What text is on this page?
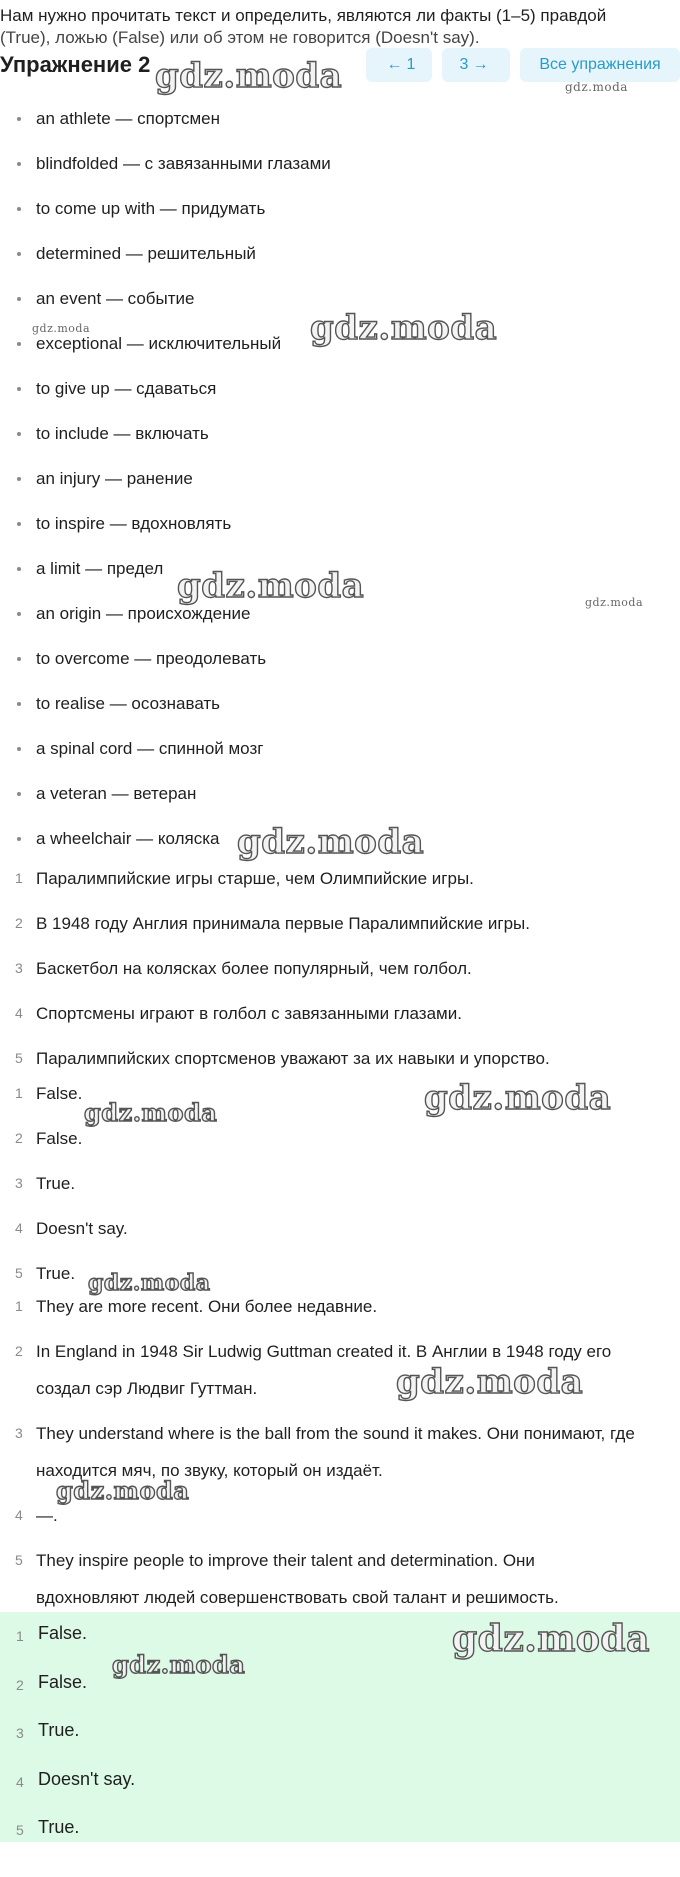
Нам нужно прочитать текст и определить, являются ли факты (1–5) правдой

(True), ложью (False) или об этом не говорится (Doesn't say).
Упражнение 2	← 1	3 →	Все упражнения
gdz.moda	gdz.moda
gdz.moda	gdz.moda
gdz.moda	gdz.moda
gdz.moda
gdz.moda
gdz.moda
gdz.moda
gdz.moda
gdz.moda
an athlete — спортсмен
blindfolded — с завязанными глазами
to come up with — придумать
determined — решительный
an event — событие
exceptional — исключительный
to give up — сдаваться
to include — включать
an injury — ранение
to inspire — вдохновлять
a limit — предел
an origin — происхождение
to overcome — преодолевать
to realise — осознавать
a spinal cord — спинной мозг
a veteran — ветеран
a wheelchair — коляска
1 Паралимпийские игры старше, чем Олимпийские игры.
2 В 1948 году Англия принимала первые Паралимпийские игры.
3 Баскетбол на колясках более популярный, чем голбол.
4 Спортсмены играют в голбол с завязанными глазами.
5 Паралимпийских спортсменов уважают за их навыки и упорство.
1 False.
2 False.
3 True.
4 Doesn't say.
5 True.
1 They are more recent. Они более недавние.
2 In England in 1948 Sir Ludwig Guttman created it. В Англии в 1948 году его создал сэр Людвиг Гуттман.
3 They understand where is the ball from the sound it makes. Они понимают, где находится мяч, по звуку, который он издаёт.
4 —.
5 They inspire people to improve their talent and determination. Они вдохновляют людей совершенствовать свой талант и решимость.
1 False.
2 False.
3 True.
4 Doesn't say.
5 True.
gdz.moda
gdz.moda
